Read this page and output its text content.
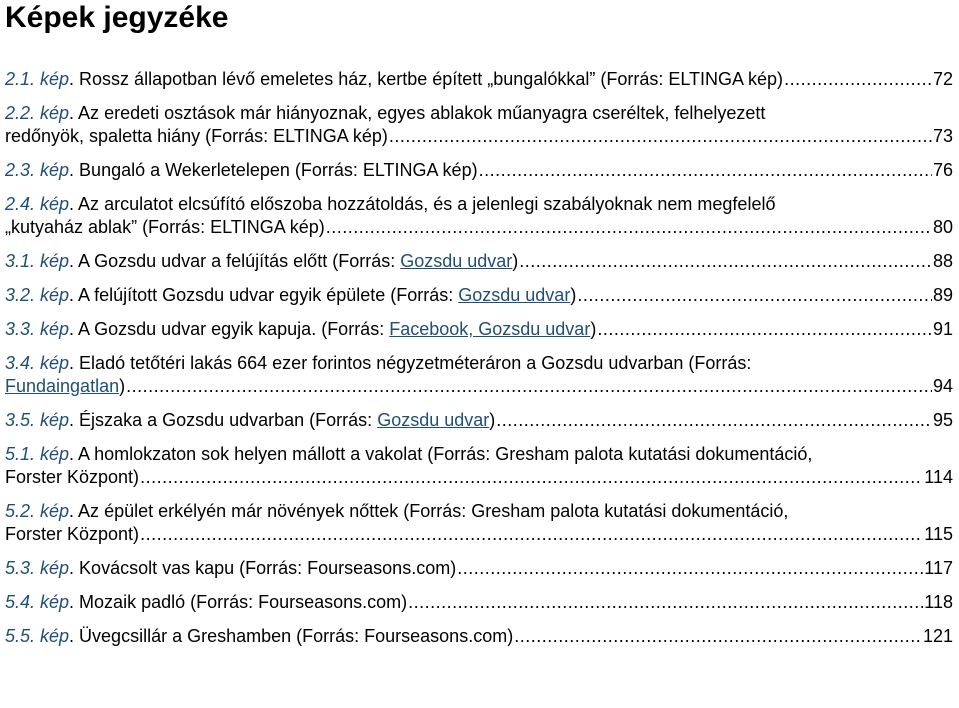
Képek jegyzéke
2.1. kép . Rossz állapotban lévő emeletes ház, kertbe épített „bungalókkal” (Forrás: ELTINGA kép) .....	72
2.2. kép. Az eredeti osztások már hiányoznak, egyes ablakok műanyagra cseréltek, felhelyezett
redőnyök, spaletta hiány (Forrás: ELTINGA kép) .....	73
2.3. kép . Bungaló a Wekerletelepen (Forrás: ELTINGA kép) .....	76
2.4. kép. Az arculatot elcsúfító előszoba hozzátoldás, és a jelenlegi szabályoknak nem megfelelő
„kutyaház ablak” (Forrás: ELTINGA kép) .....	80
3.1. kép . A Gozsdu udvar a felújítás előtt (Forrás: Gozsdu udvar) .....	88
3.2. kép . A felújított Gozsdu udvar egyik épülete (Forrás: Gozsdu udvar) .....	89
3.3. kép . A Gozsdu udvar egyik kapuja. (Forrás: Facebook, Gozsdu udvar) .....	91
3.4. kép. Eladó tetőtéri lakás 664 ezer forintos négyzetméteráron a Gozsdu udvarban (Forrás:
Fundaingatlan) .....	94
3.5. kép . Éjszaka a Gozsdu udvarban (Forrás: Gozsdu udvar) .....	95
5.1. kép. A homlokzaton sok helyen mállott a vakolat (Forrás: Gresham palota kutatási dokumentáció,
Forster Központ) .....	114
5.2. kép. Az épület erkélyén már növények nőttek (Forrás: Gresham palota kutatási dokumentáció,
Forster Központ) .....	115
5.3. kép . Kovácsolt vas kapu (Forrás: Fourseasons.com) .....	117
5.4. kép . Mozaik padló (Forrás: Fourseasons.com) .....	118
5.5. kép . Üvegcsillár a Greshamben (Forrás: Fourseasons.com) .....	121
